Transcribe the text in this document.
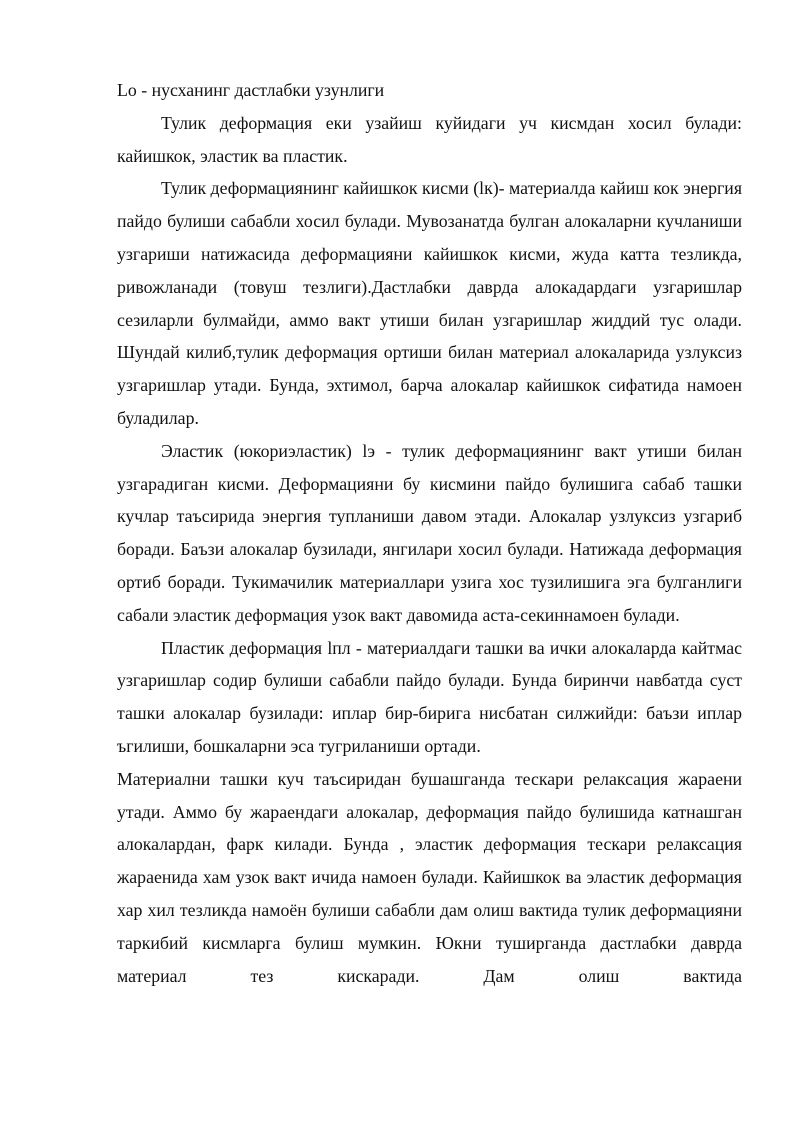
Lo - нусханинг дастлабки узунлиги

Тулик деформация еки узайиш куйидаги уч кисмдан хосил булади: кайишкок, эластик ва пластик.

Тулик деформациянинг кайишкок кисми (lк)- материалда кайиш кок энергия пайдо булиши сабабли хосил булади. Мувозанатда булган алокаларни кучланиши узгариши натижасида деформацияни кайишкок кисми, жуда катта тезликда, ривожланади (товуш тезлиги).Дастлабки даврда алокадардаги узгаришлар сезиларли булмайди, аммо вакт утиши билан узгаришлар жиддий тус олади. Шундай килиб,тулик деформация ортиши билан материал алокаларида узлуксиз узгаришлар утади. Бунда, эхтимол, барча алокалар кайишкок сифатида намоен буладилар.

Эластик (юкориэластик) lэ - тулик деформациянинг вакт утиши билан узгарадиган кисми. Деформацияни бу кисмини пайдо булишига сабаб ташки кучлар таъсирида энергия тупланиши давом этади. Алокалар узлуксиз узгариб боради. Баъзи алокалар бузилади, янгилари хосил булади. Натижада деформация ортиб боради. Тукимачилик материаллари узига хос тузилишига эга булганлиги сабали эластик деформация узок вакт давомида аста-секиннамоен булади.

Пластик деформация lпл - материалдаги ташки ва ички алокаларда кайтмас узгаришлар содир булиши сабабли пайдо булади. Бунда биринчи навбатда суст ташки алокалар бузилади: иплар бир-бирига нисбатан силжийди: баъзи иплар ъгилиши, бошкаларни эса тугриланиши ортади.

Материални ташки куч таъсиридан бушашганда тескари релаксация жараени утади. Аммо бу жараендаги алокалар, деформация пайдо булишида катнашган алокалардан, фарк килади. Бунда , эластик деформация тескари релаксация жараенида хам узок вакт ичида намоен булади. Кайишкок ва эластик деформация хар хил тезликда намоён булиши сабабли дам олиш вактида тулик деформацияни таркибий кисмларга булиш мумкин. Юкни туширганда дастлабки даврда материал тез кискаради. Дам олиш вактида
